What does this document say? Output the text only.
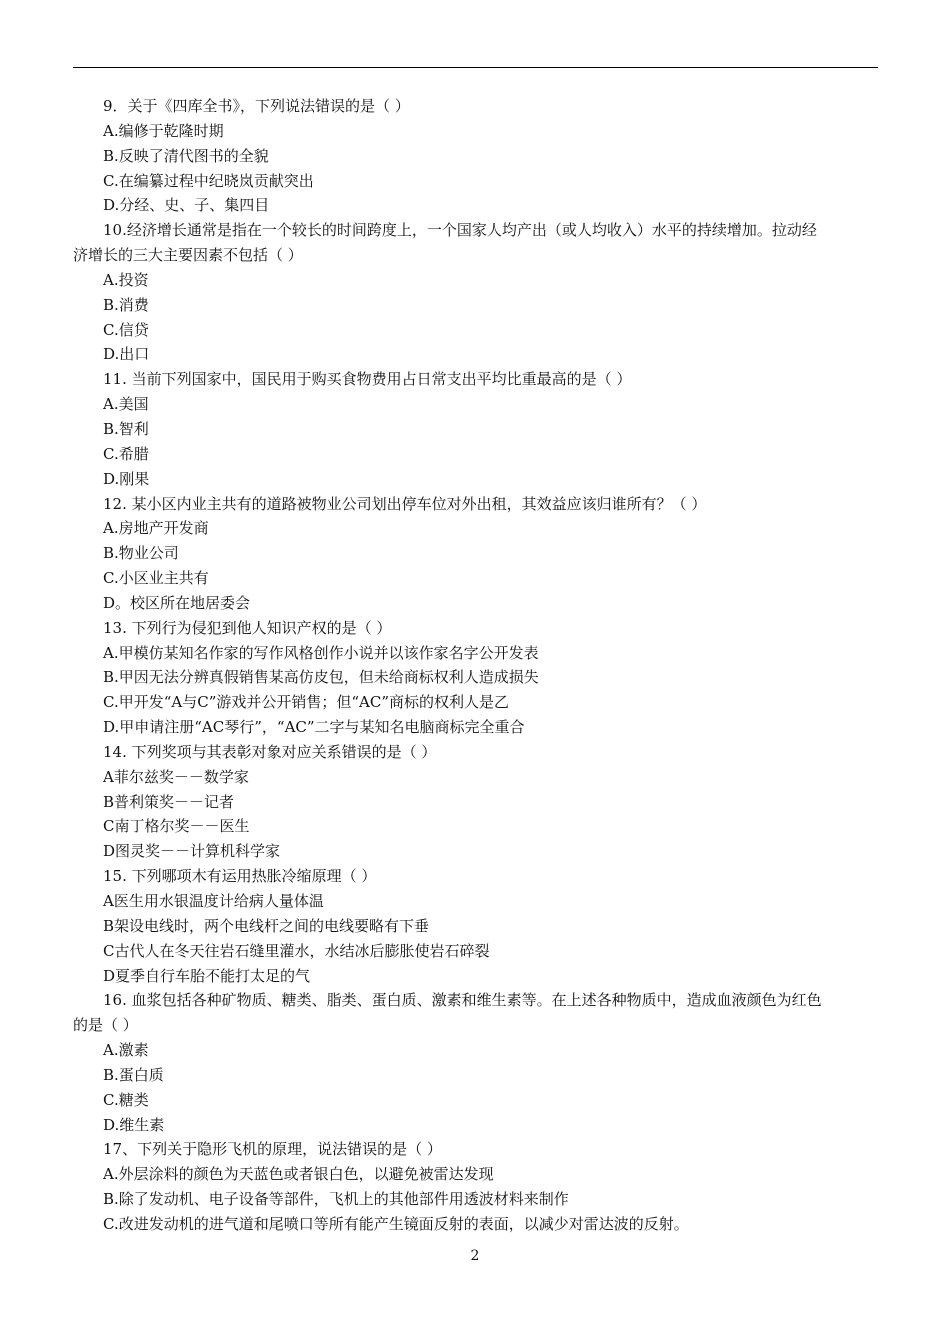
9．关于《四库全书》，下列说法错误的是（ ）
A.编修于乾隆时期
B.反映了清代图书的全貌
C.在编纂过程中纪晓岚贡献突出
D.分经、史、子、集四目
10.经济增长通常是指在一个较长的时间跨度上，一个国家人均产出（或人均收入）水平的持续增加。拉动经
济增长的三大主要因素不包括（ ）
A.投资
B.消费
C.信贷
D.出口
11. 当前下列国家中，国民用于购买食物费用占日常支出平均比重最高的是（ ）
A.美国
B.智利
C.希腊
D.刚果
12. 某小区内业主共有的道路被物业公司划出停车位对外出租，其效益应该归谁所有？（ ）
A.房地产开发商
B.物业公司
C.小区业主共有
D。校区所在地居委会
13. 下列行为侵犯到他人知识产权的是（ ）
A.甲模仿某知名作家的写作风格创作小说并以该作家名字公开发表
B.甲因无法分辨真假销售某高仿皮包，但未给商标权利人造成损失
C.甲开发“A与C”游戏并公开销售；但“AC”商标的权利人是乙
D.甲申请注册“AC琴行”，“AC”二字与某知名电脑商标完全重合
14. 下列奖项与其表彰对象对应关系错误的是（ ）
A菲尔兹奖－－数学家
B普利策奖－－记者
C南丁格尔奖－－医生
D图灵奖－－计算机科学家
15. 下列哪项木有运用热胀冷缩原理（ ）
A医生用水银温度计给病人量体温
B架设电线时，两个电线杆之间的电线要略有下垂
C古代人在冬天往岩石缝里灌水，水结冰后膨胀使岩石碎裂
D夏季自行车胎不能打太足的气
16. 血浆包括各种矿物质、糖类、脂类、蛋白质、激素和维生素等。在上述各种物质中，造成血液颜色为红色
的是（ ）
A.激素
B.蛋白质
C.糖类
D.维生素
17、下列关于隐形飞机的原理，说法错误的是（ ）
A.外层涂料的颜色为天蓝色或者银白色，以避免被雷达发现
B.除了发动机、电子设备等部件，飞机上的其他部件用透波材料来制作
C.改进发动机的进气道和尾喷口等所有能产生镜面反射的表面，以减少对雷达波的反射。
2
